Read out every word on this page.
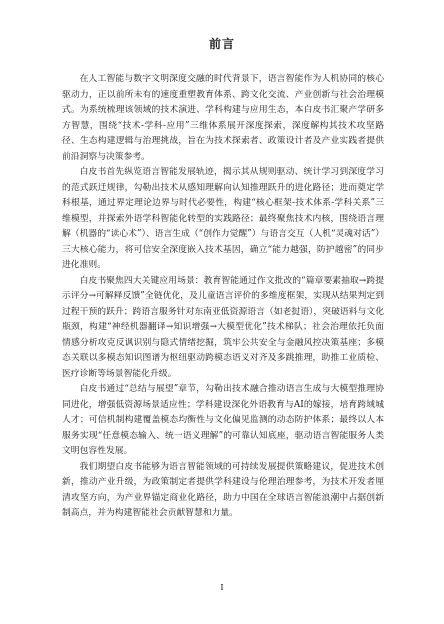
前言

在人工智能与数字文明深度交融的时代背景下，语言智能作为人机协同的核心驱动力，正以前所未有的速度重塑教育体系、跨文化交流、产业创新与社会治理模式。为系统梳理该领域的技术演进、学科构建与应用生态，本白皮书汇聚产学研多方智慧，围绕“技术-学科-应用”三维体系展开深度探索，深度解构其技术攻坚路径、生态构建逻辑与治理挑战，旨在为技术探索者、政策设计者及产业实践者提供前沿洞察与决策参考。

白皮书首先纵览语言智能发展轨迹，揭示其从规则驱动、统计学习到深度学习的范式跃迁规律，勾勒出技术从感知理解向认知推理跃升的进化路径；进而奠定学科根基，通过界定理论边界与时代必要性，构建“核心框架-技术体系-学科关系”三维模型，并探索外语学科智能化转型的实践路径；最终聚焦技术内核，围绕语言理解（机器的“读心术”）、语言生成（“创作力觉醒”）与语言交互（人机“灵魂对话”）三大核心能力，将可信安全深度嵌入技术基因，确立“能力越强，防护越密”的同步进化准则。

白皮书聚焦四大关键应用场景：教育智能通过作文批改的“篇章要素抽取→跨提示评分→可解释反馈”全链优化，及儿童语言评价的多维度框架，实现从结果判定到过程干预的跃升；跨语言服务针对东南亚低资源语言（如老挝语），突破语料与文化瓶颈，构建“神经机器翻译→知识增强→大模型优化”技术梯队；社会治理依托负面情感分析攻克反讽识别与隐式情绪挖掘，筑牢公共安全与金融风控决策基座；多模态关联以多模态知识图谱为枢纽驱动跨模态语义对齐及多跳推理，助推工业质检、医疗诊断等场景智能化升级。

白皮书通过“总结与展望”章节，勾勒出技术融合推动语言生成与大模型推理协同进化，增强低资源场景适应性；学科建设深化外语教育与AI的嫁接，培育跨域城人才；可信机制构建覆盖模态均衡性与文化偏见监测的动态防护体系；最终以人本服务实现“任意模态输入、统一语义理解”的可靠认知底座，驱动语言智能服务人类文明包容性发展。

我们期望白皮书能够为语言智能领域的可持续发展提供策略建议，促进技术创新，推动产业升级，为政策制定者提供学科建设与伦理治理参考，为技术开发者厘清攻坚方向，为产业界锚定商业化路径，助力中国在全球语言智能浪潮中占据创新制高点，并为构建智能社会贡献智慧和力量。

I
